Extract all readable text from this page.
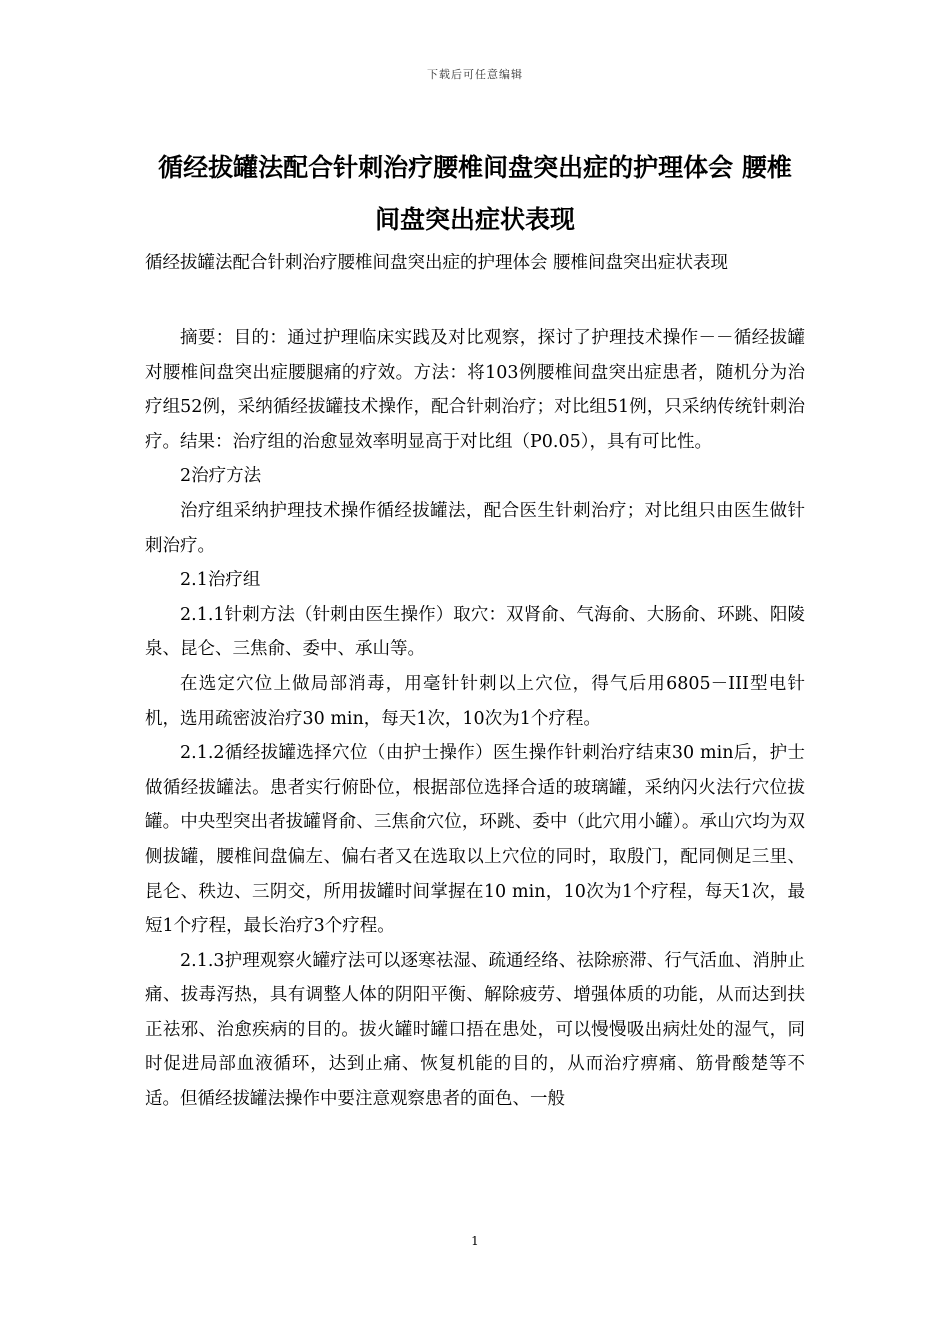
下载后可任意编辑
循经拔罐法配合针刺治疗腰椎间盘突出症的护理体会 腰椎
间盘突出症状表现
循经拔罐法配合针刺治疗腰椎间盘突出症的护理体会 腰椎间盘突出症状表现

摘要：目的：通过护理临床实践及对比观察，探讨了护理技术操作－－循经拔罐对腰椎间盘突出症腰腿痛的疗效。方法：将103例腰椎间盘突出症患者，随机分为治疗组52例，采纳循经拔罐技术操作，配合针刺治疗；对比组51例，只采纳传统针刺治疗。结果：治疗组的治愈显效率明显高于对比组（P0.05），具有可比性。

2治疗方法

治疗组采纳护理技术操作循经拔罐法，配合医生针刺治疗；对比组只由医生做针刺治疗。

2.1治疗组

2.1.1针刺方法（针刺由医生操作）取穴：双肾俞、气海俞、大肠俞、环跳、阳陵泉、昆仑、三焦俞、委中、承山等。

在选定穴位上做局部消毒，用毫针针刺以上穴位，得气后用6805－III型电针机，选用疏密波治疗30 min，每天1次，10次为1个疗程。

2.1.2循经拔罐选择穴位（由护士操作）医生操作针刺治疗结束30 min后，护士做循经拔罐法。患者实行俯卧位，根据部位选择合适的玻璃罐，采纳闪火法行穴位拔罐。中央型突出者拔罐肾俞、三焦俞穴位，环跳、委中（此穴用小罐）。承山穴均为双侧拔罐，腰椎间盘偏左、偏右者又在选取以上穴位的同时，取殷门，配同侧足三里、昆仑、秩边、三阴交，所用拔罐时间掌握在10 min，10次为1个疗程，每天1次，最短1个疗程，最长治疗3个疗程。

2.1.3护理观察火罐疗法可以逐寒祛湿、疏通经络、祛除瘀滞、行气活血、消肿止痛、拔毒泻热，具有调整人体的阴阳平衡、解除疲劳、增强体质的功能，从而达到扶正祛邪、治愈疾病的目的。拔火罐时罐口捂在患处，可以慢慢吸出病灶处的湿气，同时促进局部血液循环，达到止痛、恢复机能的目的，从而治疗痹痛、筋骨酸楚等不适。但循经拔罐法操作中要注意观察患者的面色、一般

1
